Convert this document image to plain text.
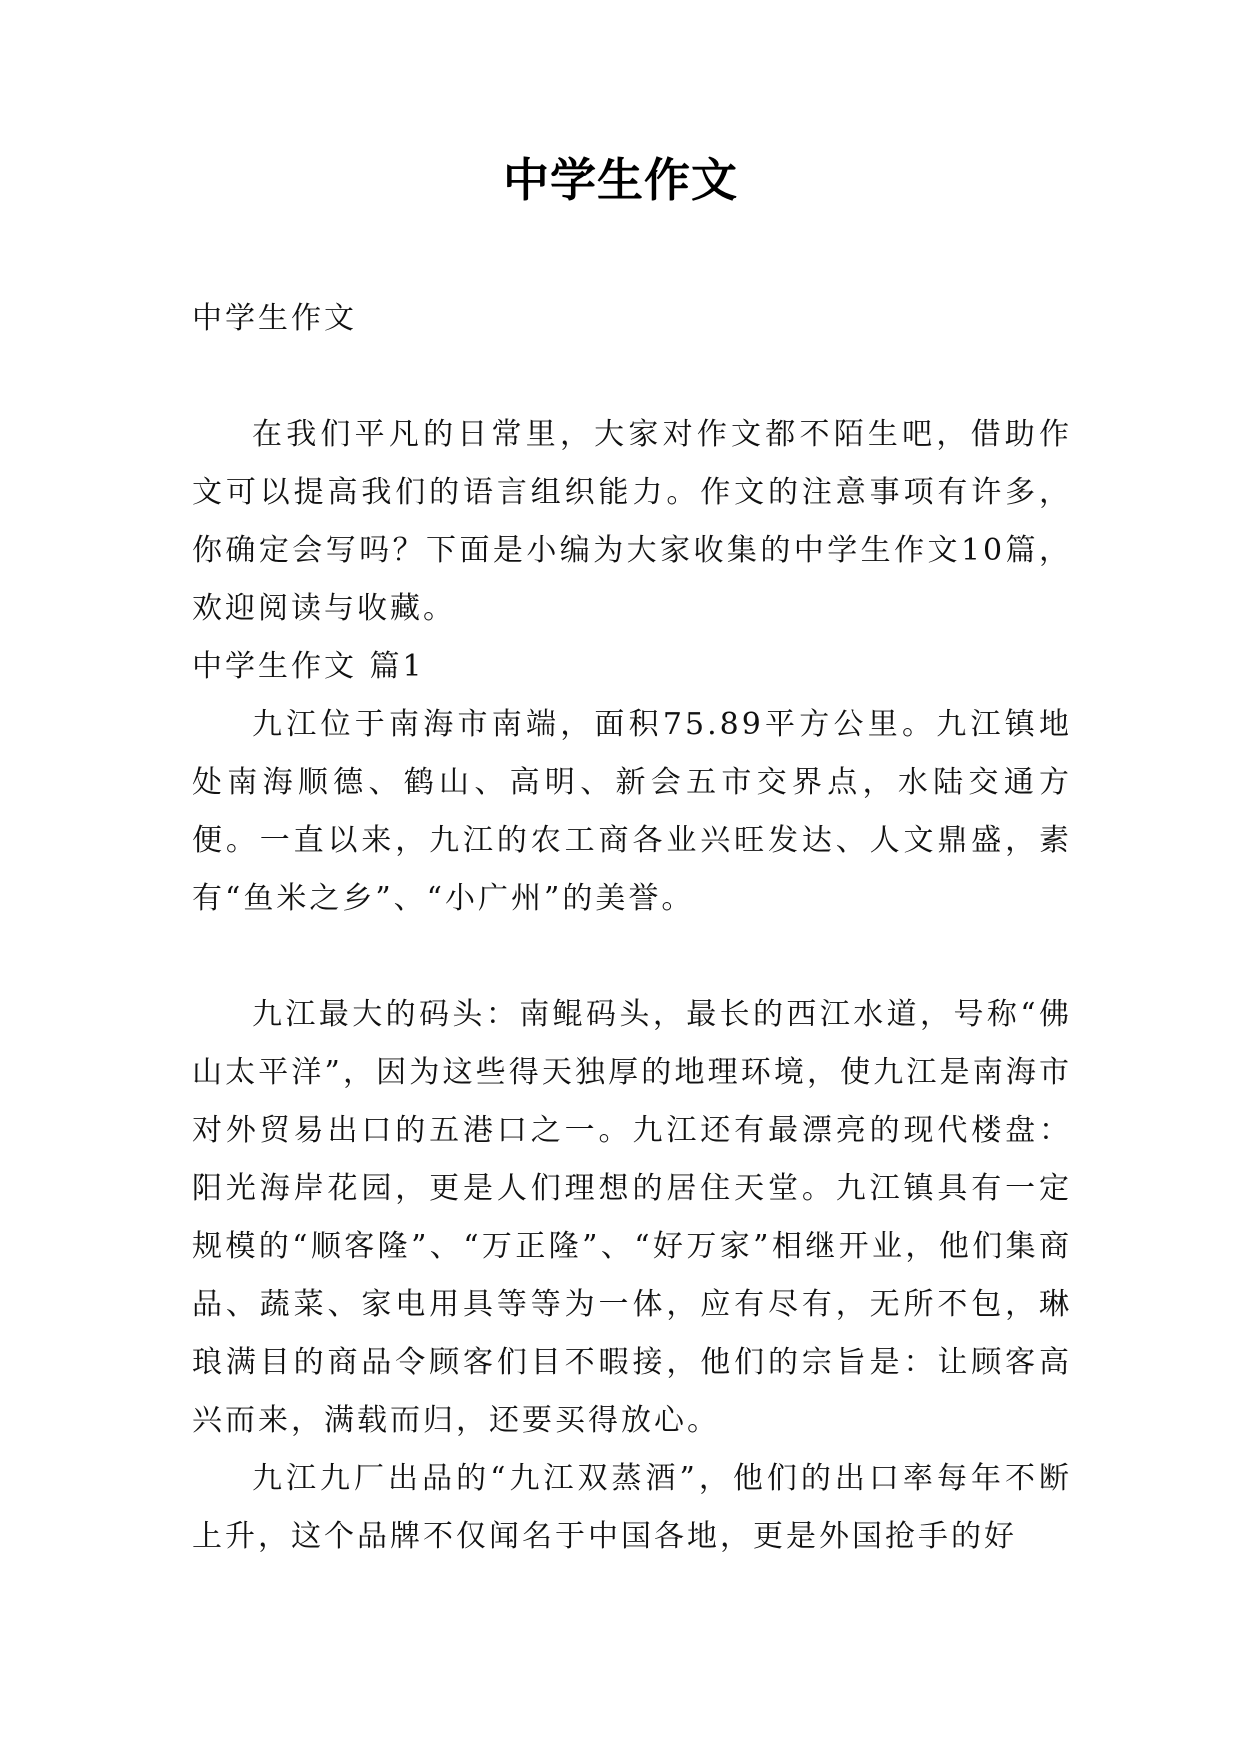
中学生作文

中学生作文

在我们平凡的日常里，大家对作文都不陌生吧，借助作文可以提高我们的语言组织能力。作文的注意事项有许多，你确定会写吗？下面是小编为大家收集的中学生作文10篇，欢迎阅读与收藏。

中学生作文 篇1

九江位于南海市南端，面积75.89平方公里。九江镇地处南海顺德、鹤山、高明、新会五市交界点，水陆交通方便。一直以来，九江的农工商各业兴旺发达、人文鼎盛，素有“鱼米之乡”、“小广州”的美誉。

九江最大的码头：南鲲码头，最长的西江水道，号称“佛山太平洋”，因为这些得天独厚的地理环境，使九江是南海市对外贸易出口的五港口之一。九江还有最漂亮的现代楼盘：阳光海岸花园，更是人们理想的居住天堂。九江镇具有一定规模的“顺客隆”、“万正隆”、“好万家”相继开业，他们集商品、蔬菜、家电用具等等为一体，应有尽有，无所不包，琳琅满目的商品令顾客们目不暇接，他们的宗旨是：让顾客高兴而来，满载而归，还要买得放心。

九江九厂出品的“九江双蒸酒”，他们的出口率每年不断上升，这个品牌不仅闻名于中国各地，更是外国抢手的好
